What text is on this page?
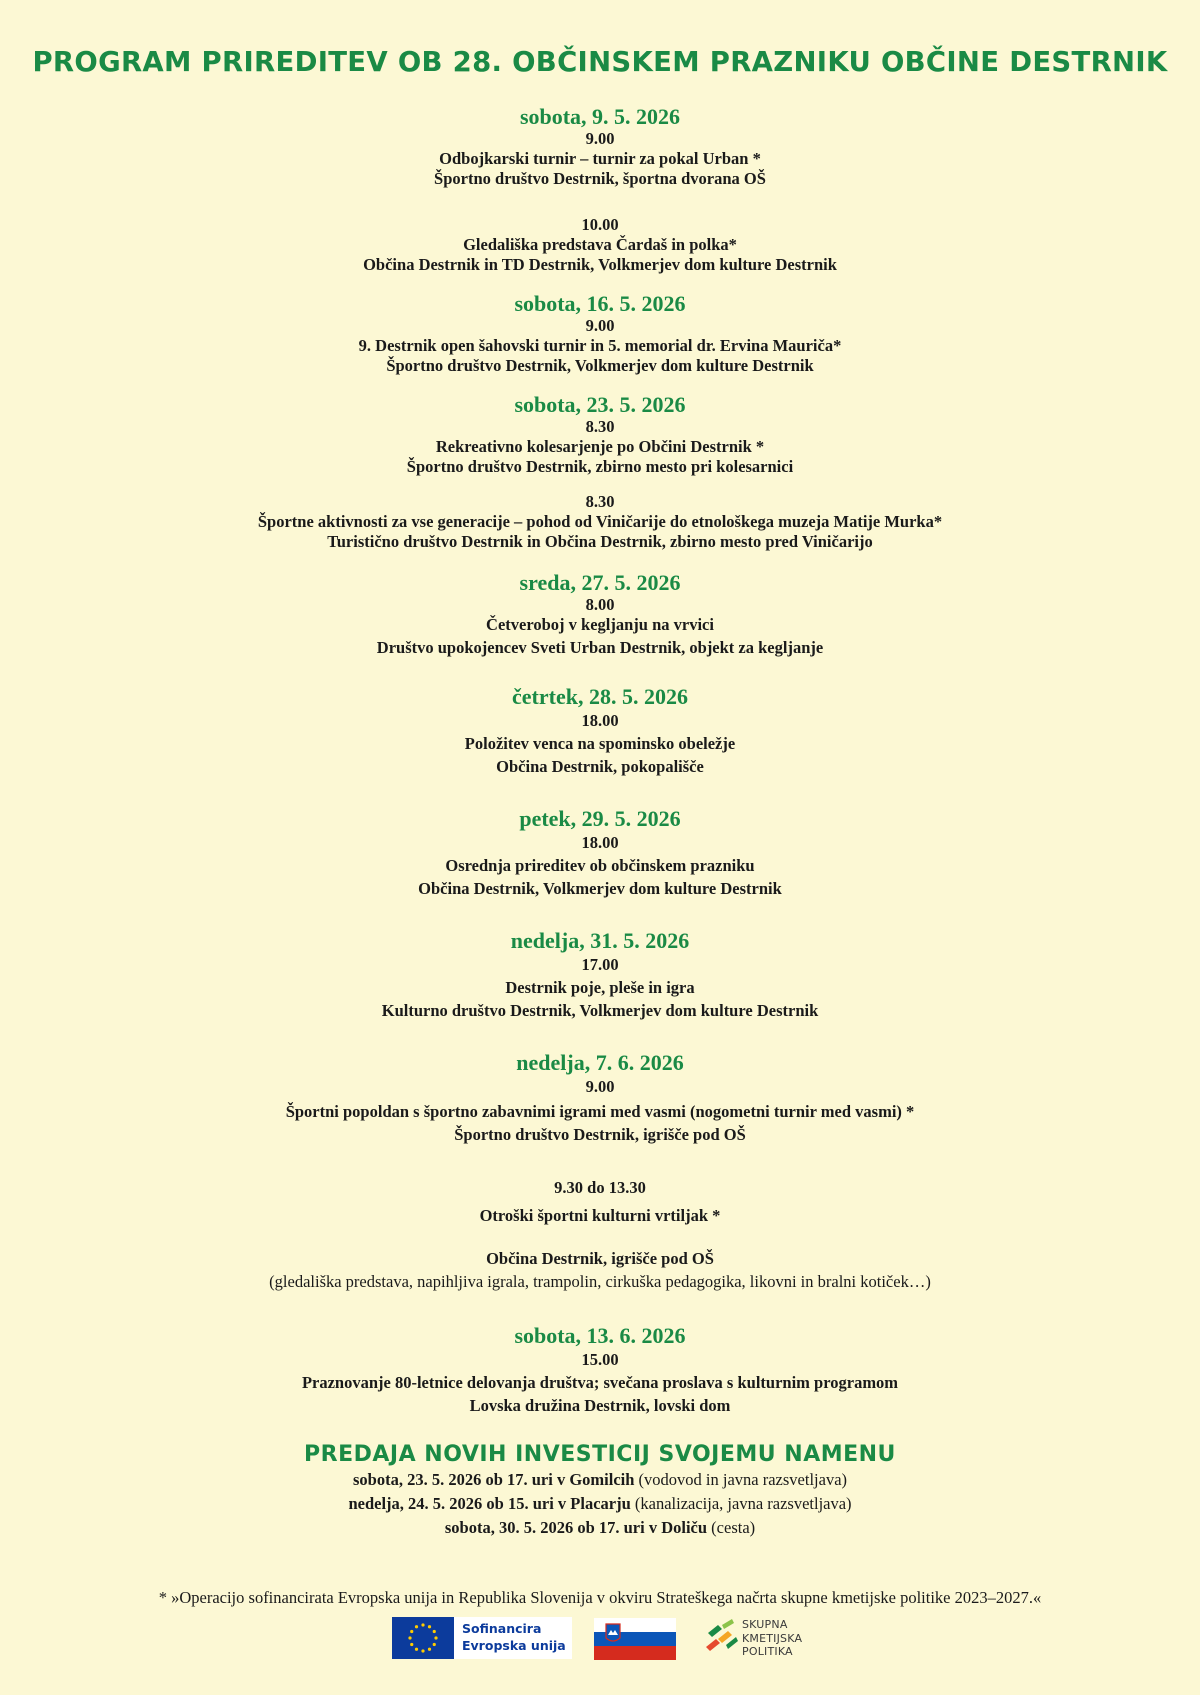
PROGRAM PRIREDITEV OB 28. OBČINSKEM PRAZNIKU OBČINE DESTRNIK
sobota, 9. 5. 2026
9.00
Odbojkarski turnir – turnir za pokal Urban *
Športno društvo Destrnik, športna dvorana OŠ
10.00
Gledališka predstava Čardaš in polka*
Občina Destrnik in TD Destrnik, Volkmerjev dom kulture Destrnik
sobota, 16. 5. 2026
9.00
9. Destrnik open šahovski turnir in 5. memorial dr. Ervina Mauriča*
Športno društvo Destrnik, Volkmerjev dom kulture Destrnik
sobota, 23. 5. 2026
8.30
Rekreativno kolesarjenje po Občini Destrnik *
Športno društvo Destrnik, zbirno mesto pri kolesarnici
8.30
Športne aktivnosti za vse generacije – pohod od Viničarije do etnološkega muzeja Matije Murka*
Turistično društvo Destrnik in Občina Destrnik, zbirno mesto pred Viničarijo
sreda, 27. 5. 2026
8.00
Četveroboj v kegljanju na vrvici
Društvo upokojencev Sveti Urban Destrnik, objekt za kegljanje
četrtek, 28. 5. 2026
18.00
Položitev venca na spominsko obeležje
Občina Destrnik, pokopališče
petek, 29. 5. 2026
18.00
Osrednja prireditev ob občinskem prazniku
Občina Destrnik, Volkmerjev dom kulture Destrnik
nedelja, 31. 5. 2026
17.00
Destrnik poje, pleše in igra
Kulturno društvo Destrnik, Volkmerjev dom kulture Destrnik
nedelja, 7. 6. 2026
9.00
Športni popoldan s športno zabavnimi igrami med vasmi (nogometni turnir med vasmi) *
Športno društvo Destrnik, igrišče pod OŠ
9.30 do 13.30
Otroški športni kulturni vrtiljak *
Občina Destrnik, igrišče pod OŠ
(gledališka predstava, napihljiva igrala, trampolin, cirkuška pedagogika, likovni in bralni kotiček…)
sobota, 13. 6. 2026
15.00
Praznovanje 80-letnice delovanja društva; svečana proslava s kulturnim programom
Lovska družina Destrnik, lovski dom
PREDAJA NOVIH INVESTICIJ SVOJEMU NAMENU
sobota, 23. 5. 2026 ob 17. uri v Gomilcih (vodovod in javna razsvetljava)
nedelja, 24. 5. 2026 ob 15. uri v Placarju (kanalizacija, javna razsvetljava)
sobota, 30. 5. 2026 ob 17. uri v Doliču (cesta)
* »Operacijo sofinancirata Evropska unija in Republika Slovenija v okviru Strateškega načrta skupne kmetijske politike 2023–2027.«
Sofinancira
Evropska unija
SKUPNA
KMETIJSKA
POLITIKA
